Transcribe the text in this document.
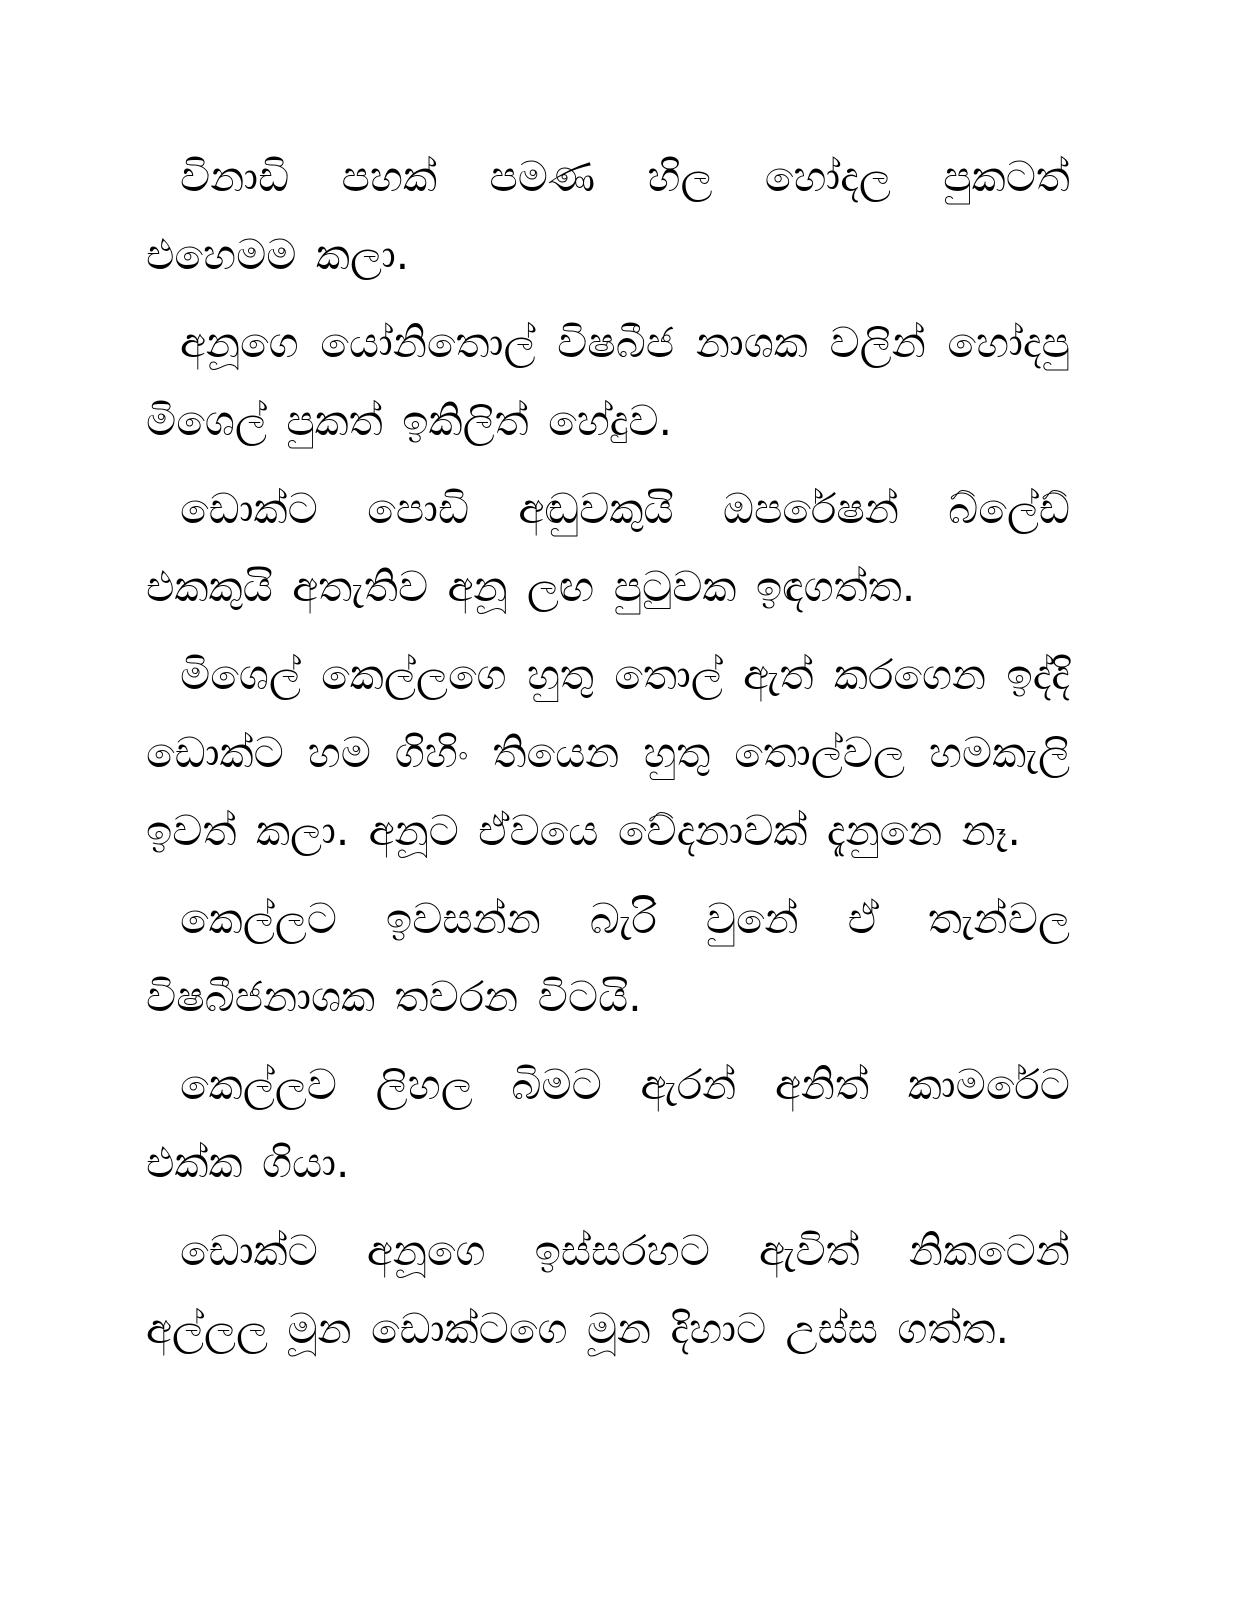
විනාඩි පහක් පමණ හිල හෝදල පුකටත් එහෙමම කලා.

අනූගෙ යෝනිතොල් විෂබීජ නාශක වලින් හෝදපු මිශෙල් පුකත් ඉකිලිත් හේදුව.

ඩොක්ට පොඩි අඬුවකුයි ඔපරේෂන් බ්ලේඩ් එකකුයි අතැතිව අනූ ලඟ පුටුවක ඉඳගත්ත.

මිශෙල් කෙල්ලගෙ හුතු තොල් ඇත් කරගෙන ඉද්දි ඩොක්ට හම ගිහිං තියෙන හුතු තොල්වල හමකැලි ඉවත් කලා. අනූට ඒවයෙ වේදනාවක් දැනුනෙ නෑ.

කෙල්ලට ඉවසන්න බැරි වුනේ ඒ තැන්වල විෂබීජනාශක තවරන විටයි.

කෙල්ලව ලිහල බිමට ඇරන් අනිත් කාමරේට එක්ක ගියා.

ඩොක්ට අනූගෙ ඉස්සරහට ඇවිත් නිකටෙන් අල්ලල මූන ඩොක්ටගෙ මූන දිහාට උස්ස ගත්ත.
